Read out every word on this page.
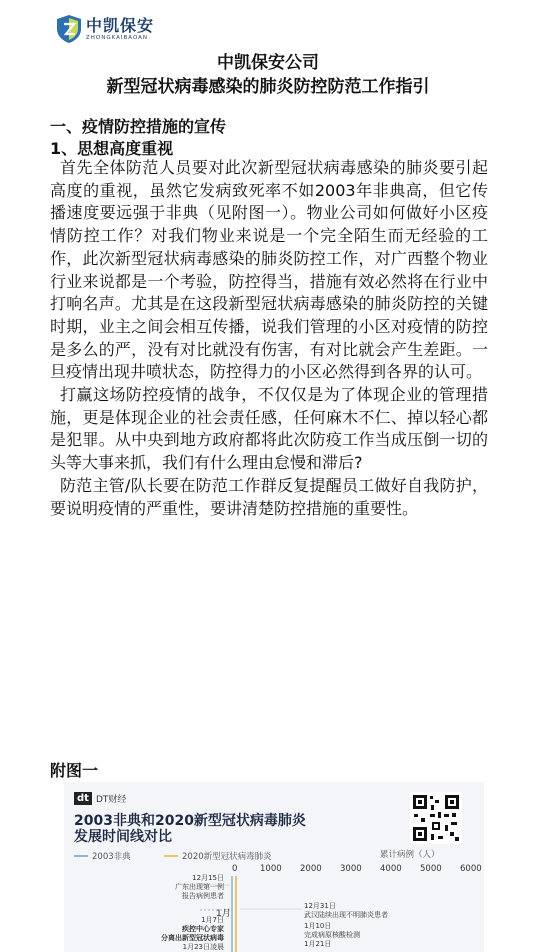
中凯保安
ZHONGKAIBAOAN
中凯保安公司
新型冠状病毒感染的肺炎防控防范工作指引
一、疫情防控措施的宣传
1、思想高度重视

首先全体防范人员要对此次新型冠状病毒感染的肺炎要引起高度的重视，虽然它发病致死率不如2003年非典高，但它传播速度要远强于非典（见附图一）。物业公司如何做好小区疫情防控工作？对我们物业来说是一个完全陌生而无经验的工作，此次新型冠状病毒感染的肺炎防控工作，对广西整个物业行业来说都是一个考验，防控得当，措施有效必然将在行业中打响名声。尤其是在这段新型冠状病毒感染的肺炎防控的关键时期，业主之间会相互传播，说我们管理的小区对疫情的防控是多么的严，没有对比就没有伤害，有对比就会产生差距。一旦疫情出现井喷状态，防控得力的小区必然得到各界的认可。

打赢这场防控疫情的战争，不仅仅是为了体现企业的管理措施，更是体现企业的社会责任感，任何麻木不仁、掉以轻心都是犯罪。从中央到地方政府都将此次防疫工作当成压倒一切的头等大事来抓，我们有什么理由怠慢和滞后?

防范主管/队长要在防范工作群反复提醒员工做好自我防护，要说明疫情的严重性，要讲清楚防控措施的重要性。

附图一
dt DT财经
2003非典和2020新型冠状病毒肺炎
发展时间线对比
2003非典	2020新型冠状病毒肺炎	累计病例（人）
0	1000 2000 3000 4000 5000 6000
12月15日
广东出现第一例
报告病例患者
1月
1月7日
疾控中心专家
分离出新型冠状病毒
1月23日凌晨
12月31日
武汉陆续出现不明肺炎患者
1月10日
完成病原核酸检测
1月21日
